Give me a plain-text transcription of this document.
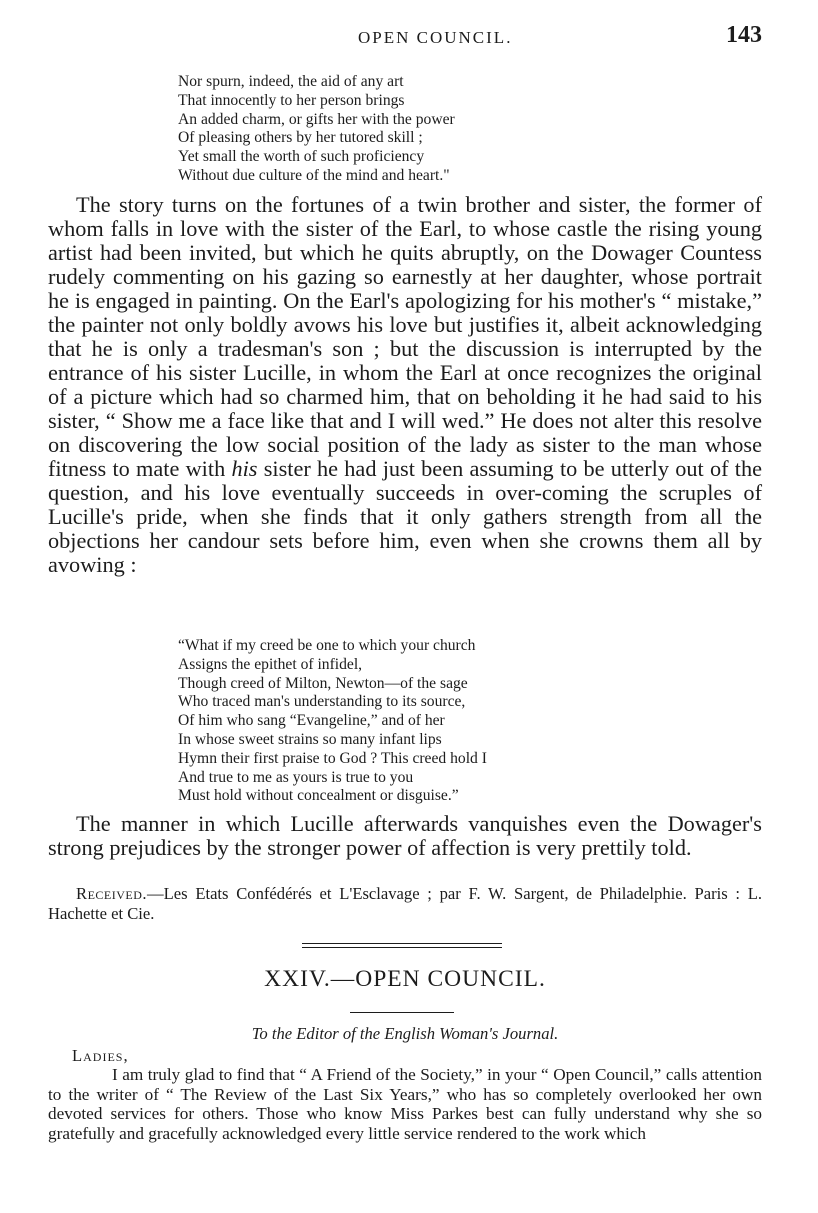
OPEN COUNCIL.	143
Nor spurn, indeed, the aid of any art
That innocently to her person brings
An added charm, or gifts her with the power
Of pleasing others by her tutored skill ;
Yet small the worth of such proficiency
Without due culture of the mind and heart."
The story turns on the fortunes of a twin brother and sister, the former of whom falls in love with the sister of the Earl, to whose castle the rising young artist had been invited, but which he quits abruptly, on the Dowager Countess rudely commenting on his gazing so earnestly at her daughter, whose portrait he is engaged in painting. On the Earl's apologizing for his mother's “ mistake,” the painter not only boldly avows his love but justifies it, albeit acknowledging that he is only a tradesman's son ; but the discussion is interrupted by the entrance of his sister Lucille, in whom the Earl at once recognizes the original of a picture which had so charmed him, that on beholding it he had said to his sister, “ Show me a face like that and I will wed.” He does not alter this resolve on discovering the low social position of the lady as sister to the man whose fitness to mate with his sister he had just been assuming to be utterly out of the question, and his love eventually succeeds in over-coming the scruples of Lucille's pride, when she finds that it only gathers strength from all the objections her candour sets before him, even when she crowns them all by avowing :
“What if my creed be one to which your church
Assigns the epithet of infidel,
Though creed of Milton, Newton—of the sage
Who traced man's understanding to its source,
Of him who sang “Evangeline,” and of her
In whose sweet strains so many infant lips
Hymn their first praise to God ? This creed hold I
And true to me as yours is true to you
Must hold without concealment or disguise.”
The manner in which Lucille afterwards vanquishes even the Dowager's strong prejudices by the stronger power of affection is very prettily told.
Received.—Les Etats Confédérés et L'Esclavage ; par F. W. Sargent, de Philadelphie. Paris : L. Hachette et Cie.
XXIV.—OPEN COUNCIL.
To the Editor of the English Woman's Journal.
Ladies,
I am truly glad to find that “ A Friend of the Society,” in your “ Open Council,” calls attention to the writer of “ The Review of the Last Six Years,” who has so completely overlooked her own devoted services for others. Those who know Miss Parkes best can fully understand why she so gratefully and gracefully acknowledged every little service rendered to the work which
